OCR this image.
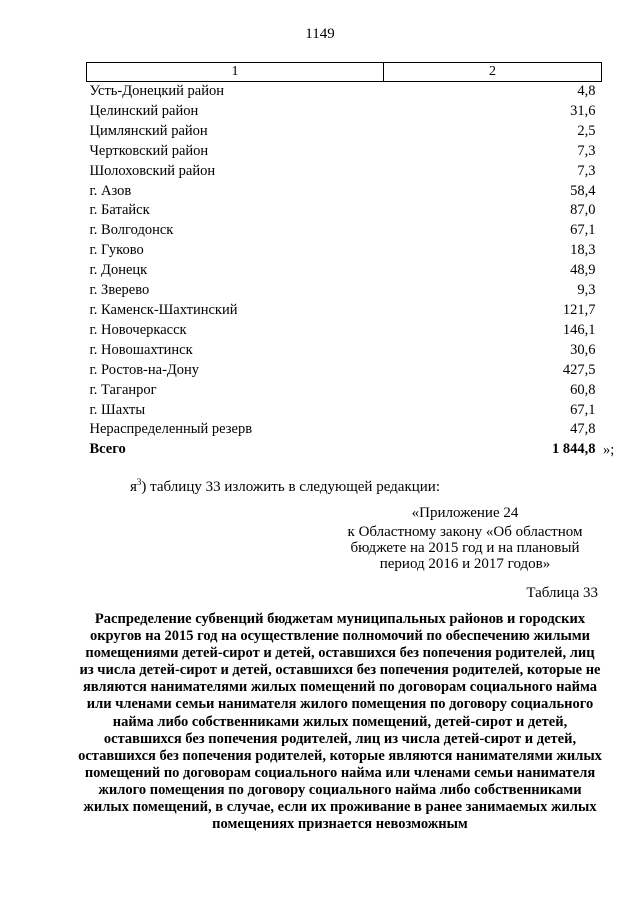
1149
1	2
Усть-Донецкий район	4,8
Целинский район	31,6
Цимлянский район	2,5
Чертковский район	7,3
Шолоховский район	7,3
г. Азов	58,4
г. Батайск	87,0
г. Волгодонск	67,1
г. Гуково	18,3
г. Донецк	48,9
г. Зверево	9,3
г. Каменск-Шахтинский	121,7
г. Новочеркасск	146,1
г. Новошахтинск	30,6
г. Ростов-на-Дону	427,5
г. Таганрог	60,8
г. Шахты	67,1
Нераспределенный резерв	47,8
Всего	1 844,8 »;
$я^3$) таблицу 33 изложить в следующей редакции:
«Приложение 24
к Областному закону «Об областном бюджете на 2015 год и на плановый период 2016 и 2017 годов»
Таблица 33
Распределение субвенций бюджетам муниципальных районов и городских округов на 2015 год на осуществление полномочий по обеспечению жилыми помещениями детей-сирот и детей, оставшихся без попечения родителей, лиц из числа детей-сирот и детей, оставшихся без попечения родителей, которые не являются нанимателями жилых помещений по договорам социального найма или членами семьи нанимателя жилого помещения по договору социального найма либо собственниками жилых помещений, детей-сирот и детей, оставшихся без попечения родителей, лиц из числа детей-сирот и детей, оставшихся без попечения родителей, которые являются нанимателями жилых помещений по договорам социального найма или членами семьи нанимателя жилого помещения по договору социального найма либо собственниками жилых помещений, в случае, если их проживание в ранее занимаемых жилых помещениях признается невозможным
